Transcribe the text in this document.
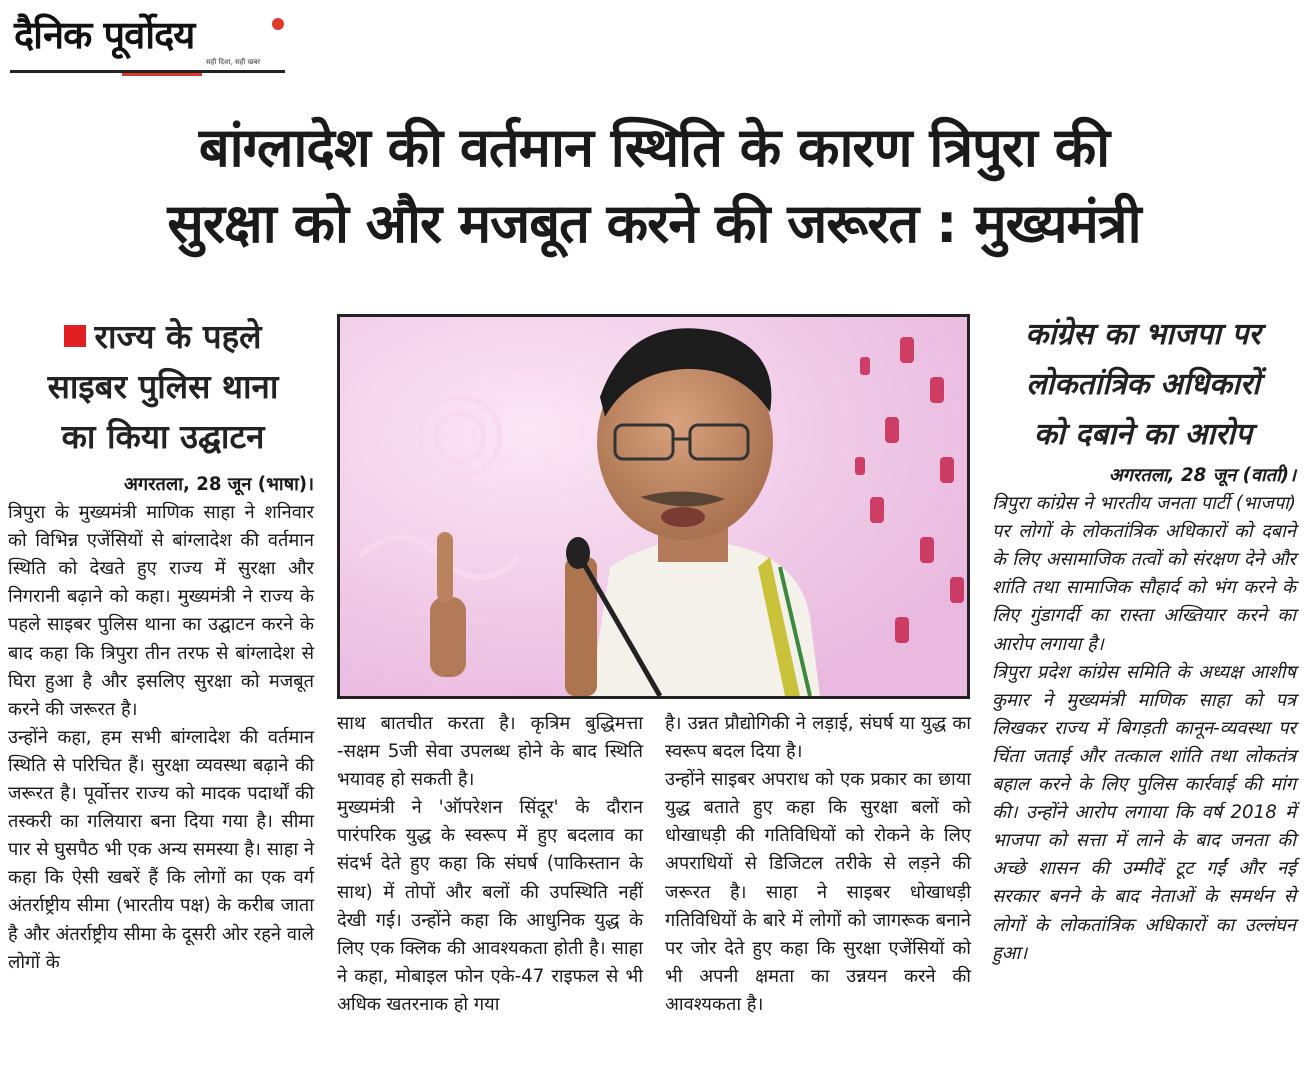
दैनिक पूर्वोदय
सही दिशा, सही खबर
बांग्लादेश की वर्तमान स्थिति के कारण त्रिपुरा की
सुरक्षा को और मजबूत करने की जरूरत : मुख्यमंत्री
राज्य के पहले
साइबर पुलिस थाना
का किया उद्घाटन
कांग्रेस का भाजपा पर
लोकतांत्रिक अधिकारों
को दबाने का आरोप
अगरतला, 28 जून (भाषा)।
त्रिपुरा के मुख्यमंत्री माणिक साहा ने शनिवार को विभिन्न एजेंसियों से बांग्लादेश की वर्तमान स्थिति को देखते हुए राज्य में सुरक्षा और निगरानी बढ़ाने को कहा। मुख्यमंत्री ने राज्य के पहले साइबर पुलिस थाना का उद्घाटन करने के बाद कहा कि त्रिपुरा तीन तरफ से बांग्लादेश से घिरा हुआ है और इसलिए सुरक्षा को मजबूत करने की जरूरत है।
उन्होंने कहा, हम सभी बांग्लादेश की वर्तमान स्थिति से परिचित हैं। सुरक्षा व्यवस्था बढ़ाने की जरूरत है। पूर्वोत्तर राज्य को मादक पदार्थों की तस्करी का गलियारा बना दिया गया है। सीमा पार से घुसपैठ भी एक अन्य समस्या है। साहा ने कहा कि ऐसी खबरें हैं कि लोगों का एक वर्ग अंतर्राष्ट्रीय सीमा (भारतीय पक्ष) के करीब जाता है और अंतर्राष्ट्रीय सीमा के दूसरी ओर रहने वाले लोगों के
साथ बातचीत करता है। कृत्रिम बुद्धिमत्ता -सक्षम 5जी सेवा उपलब्ध होने के बाद स्थिति भयावह हो सकती है।
मुख्यमंत्री ने 'ऑपरेशन सिंदूर' के दौरान पारंपरिक युद्ध के स्वरूप में हुए बदलाव का संदर्भ देते हुए कहा कि संघर्ष (पाकिस्तान के साथ) में तोपों और बलों की उपस्थिति नहीं देखी गई। उन्होंने कहा कि आधुनिक युद्ध के लिए एक क्लिक की आवश्यकता होती है। साहा ने कहा, मोबाइल फोन एके-47 राइफल से भी अधिक खतरनाक हो गया
है। उन्नत प्रौद्योगिकी ने लड़ाई, संघर्ष या युद्ध का स्वरूप बदल दिया है।
उन्होंने साइबर अपराध को एक प्रकार का छाया युद्ध बताते हुए कहा कि सुरक्षा बलों को धोखाधड़ी की गतिविधियों को रोकने के लिए अपराधियों से डिजिटल तरीके से लड़ने की जरूरत है। साहा ने साइबर धोखाधड़ी गतिविधियों के बारे में लोगों को जागरूक बनाने पर जोर देते हुए कहा कि सुरक्षा एजेंसियों को भी अपनी क्षमता का उन्नयन करने की आवश्यकता है।
अगरतला, 28 जून (वार्ता)।
त्रिपुरा कांग्रेस ने भारतीय जनता पार्टी (भाजपा) पर लोगों के लोकतांत्रिक अधिकारों को दबाने के लिए असामाजिक तत्वों को संरक्षण देने और शांति तथा सामाजिक सौहार्द को भंग करने के लिए गुंडागर्दी का रास्ता अख्तियार करने का आरोप लगाया है।
त्रिपुरा प्रदेश कांग्रेस समिति के अध्यक्ष आशीष कुमार ने मुख्यमंत्री माणिक साहा को पत्र लिखकर राज्य में बिगड़ती कानून-व्यवस्था पर चिंता जताई और तत्काल शांति तथा लोकतंत्र बहाल करने के लिए पुलिस कार्रवाई की मांग की। उन्होंने आरोप लगाया कि वर्ष 2018 में भाजपा को सत्ता में लाने के बाद जनता की अच्छे शासन की उम्मीदें टूट गईं और नई सरकार बनने के बाद नेताओं के समर्थन से लोगों के लोकतांत्रिक अधिकारों का उल्लंघन हुआ।
